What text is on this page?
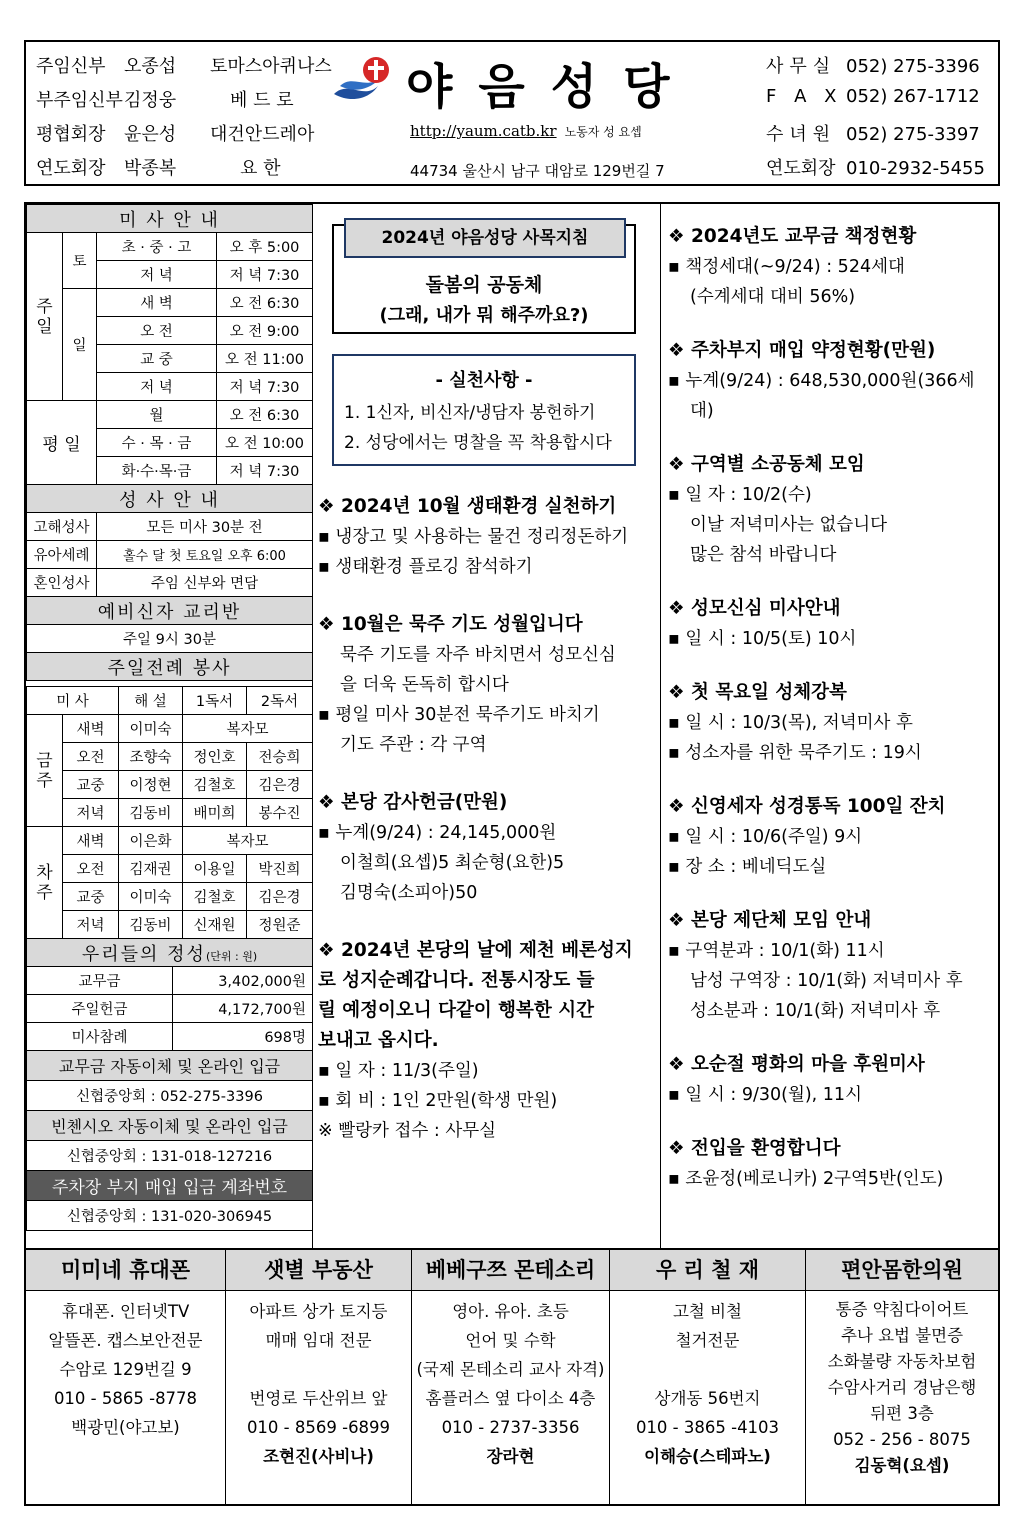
주임신부 오종섭 토마스아퀴나스
부주임신부김정웅	베 드 로
평협회장 윤은성 대건안드레아
연도회장 박종복	요 한
야음성당
http://yaum.catb.kr 노동자 성 요셉
44734 울산시 남구 대암로 129번길 7
사무실 052) 275-3396
F A X 052) 267-1712
수녀원 052) 275-3397
연도회장 010-2932-5455
미 사 안 내			
주일	토	초 · 중 · 고	오 후 5:00
		저 녁	저 녁 7:30
	일	새 벽	오 전 6:30
		오 전	오 전 9:00
		교 중	오 전 11:00
		저 녁	저 녁 7:30
평 일		월	오 전 6:30
		수 · 목 · 금	오 전 10:00
		화·수·목·금	저 녁 7:30
성 사 안 내			
고해성사		모든 미사 30분 전	
유아세례		홀수 달 첫 토요일 오후 6:00	
혼인성사		주임 신부와 면담	
예비신자 교리반			
주일 9시 30분			
주일전례 봉사			
미 사		해 설	1독서	2독서
금주	새벽	이미숙	복자모	
	오전	조향숙	정인호	전승희
	교중	이정현	김철호	김은경
	저녁	김동비	배미희	봉수진
차주	새벽	이은화	복자모	
	오전	김재권	이용일	박진희
	교중	이미숙	김철호	김은경
	저녁	김동비	신재원	정원준
우리들의 정성(단위 : 원)	
교무금	3,402,000원
주일헌금	4,172,700원
미사참례	698명
교무금 자동이체 및 온라인 입금	
신협중앙회 : 052-275-3396	
빈첸시오 자동이체 및 온라인 입금	
신협중앙회 : 131-018-127216	
주차장 부지 매입 입금 계좌번호	
신협중앙회 : 131-020-306945	
돌봄의 공동체
(그래, 내가 뭐 해주까요?)
2024년 야음성당 사목지침
- 실천사항 -
1. 1신자, 비신자/냉담자 봉헌하기
2. 성당에서는 명찰을 꼭 착용합시다
❖ 2024년 10월 생태환경 실천하기
▪ 냉장고 및 사용하는 물건 정리정돈하기
▪ 생태환경 플로깅 참석하기
❖ 10월은 묵주 기도 성월입니다
묵주 기도를 자주 바치면서 성모신심
을 더욱 돈독히 합시다
▪ 평일 미사 30분전 묵주기도 바치기
기도 주관 : 각 구역
❖ 본당 감사헌금(만원)
▪ 누계(9/24) : 24,145,000원
이철희(요셉)5 최순형(요한)5
김명숙(소피아)50
❖ 2024년 본당의 날에 제천 베론성지
로 성지순례갑니다. 전통시장도 들
릴 예정이오니 다같이 행복한 시간
보내고 옵시다.
▪ 일 자 : 11/3(주일)
▪ 회 비 : 1인 2만원(학생 만원)
※ 빨랑카 접수 : 사무실
❖ 2024년도 교무금 책정현황
▪ 책정세대(~9/24) : 524세대
(수계세대 대비 56%)
❖ 주차부지 매입 약정현황(만원)
▪ 누계(9/24) : 648,530,000원(366세대)
❖ 구역별 소공동체 모임
▪ 일 자 : 10/2(수)
이날 저녁미사는 없습니다
많은 참석 바랍니다
❖ 성모신심 미사안내
▪ 일 시 : 10/5(토) 10시
❖ 첫 목요일 성체강복
▪ 일 시 : 10/3(목), 저녁미사 후
▪ 성소자를 위한 묵주기도 : 19시
❖ 신영세자 성경통독 100일 잔치
▪ 일 시 : 10/6(주일) 9시
▪ 장 소 : 베네딕도실
❖ 본당 제단체 모임 안내
▪ 구역분과 : 10/1(화) 11시
남성 구역장 : 10/1(화) 저녁미사 후
성소분과 : 10/1(화) 저녁미사 후
❖ 오순절 평화의 마을 후원미사
▪ 일 시 : 9/30(월), 11시
❖ 전입을 환영합니다
▪ 조윤정(베로니카) 2구역5반(인도)
미미네 휴대폰
휴대폰. 인터넷TV
알뜰폰. 캡스보안전문
수암로 129번길 9
010 - 5865 -8778
백광민(야고보)
샛별 부동산
아파트 상가 토지등
매매 임대 전문

번영로 두산위브 앞
010 - 8569 -6899
조현진(사비나)
베베구쯔 몬테소리
영아. 유아. 초등
언어 및 수학
(국제 몬테소리 교사 자격)
홈플러스 옆 다이소 4층
010 - 2737-3356
장라현
우 리 철 재
고철 비철
철거전문

상개동 56번지
010 - 3865 -4103
이해승(스테파노)
편안몸한의원
통증 약침다이어트
추나 요법 불면증
소화불량 자동차보험
수암사거리 경남은행
뒤편 3층
052 - 256 - 8075
김동혁(요셉)
